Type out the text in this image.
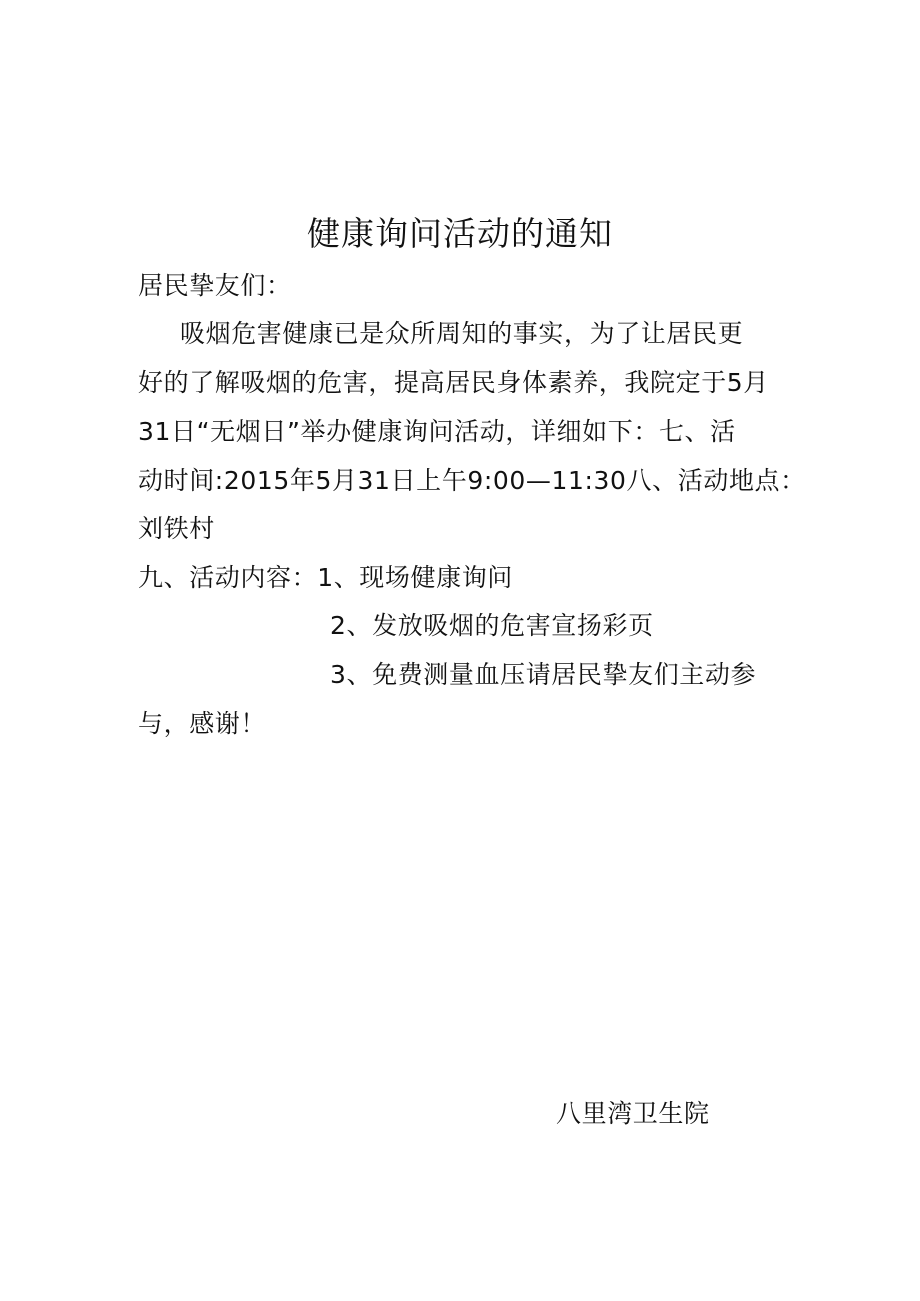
健康询问活动的通知
居民挚友们：
吸烟危害健康已是众所周知的事实，为了让居民更
好的了解吸烟的危害，提高居民身体素养，我院定于5月
31日“无烟日”举办健康询问活动，详细如下：七、活
动时间:2015年5月31日上午9:00—11:30八、活动地点：
刘铁村
九、活动内容：1、现场健康询问
2、发放吸烟的危害宣扬彩页
3、免费测量血压请居民挚友们主动参
与，感谢！
八里湾卫生院
